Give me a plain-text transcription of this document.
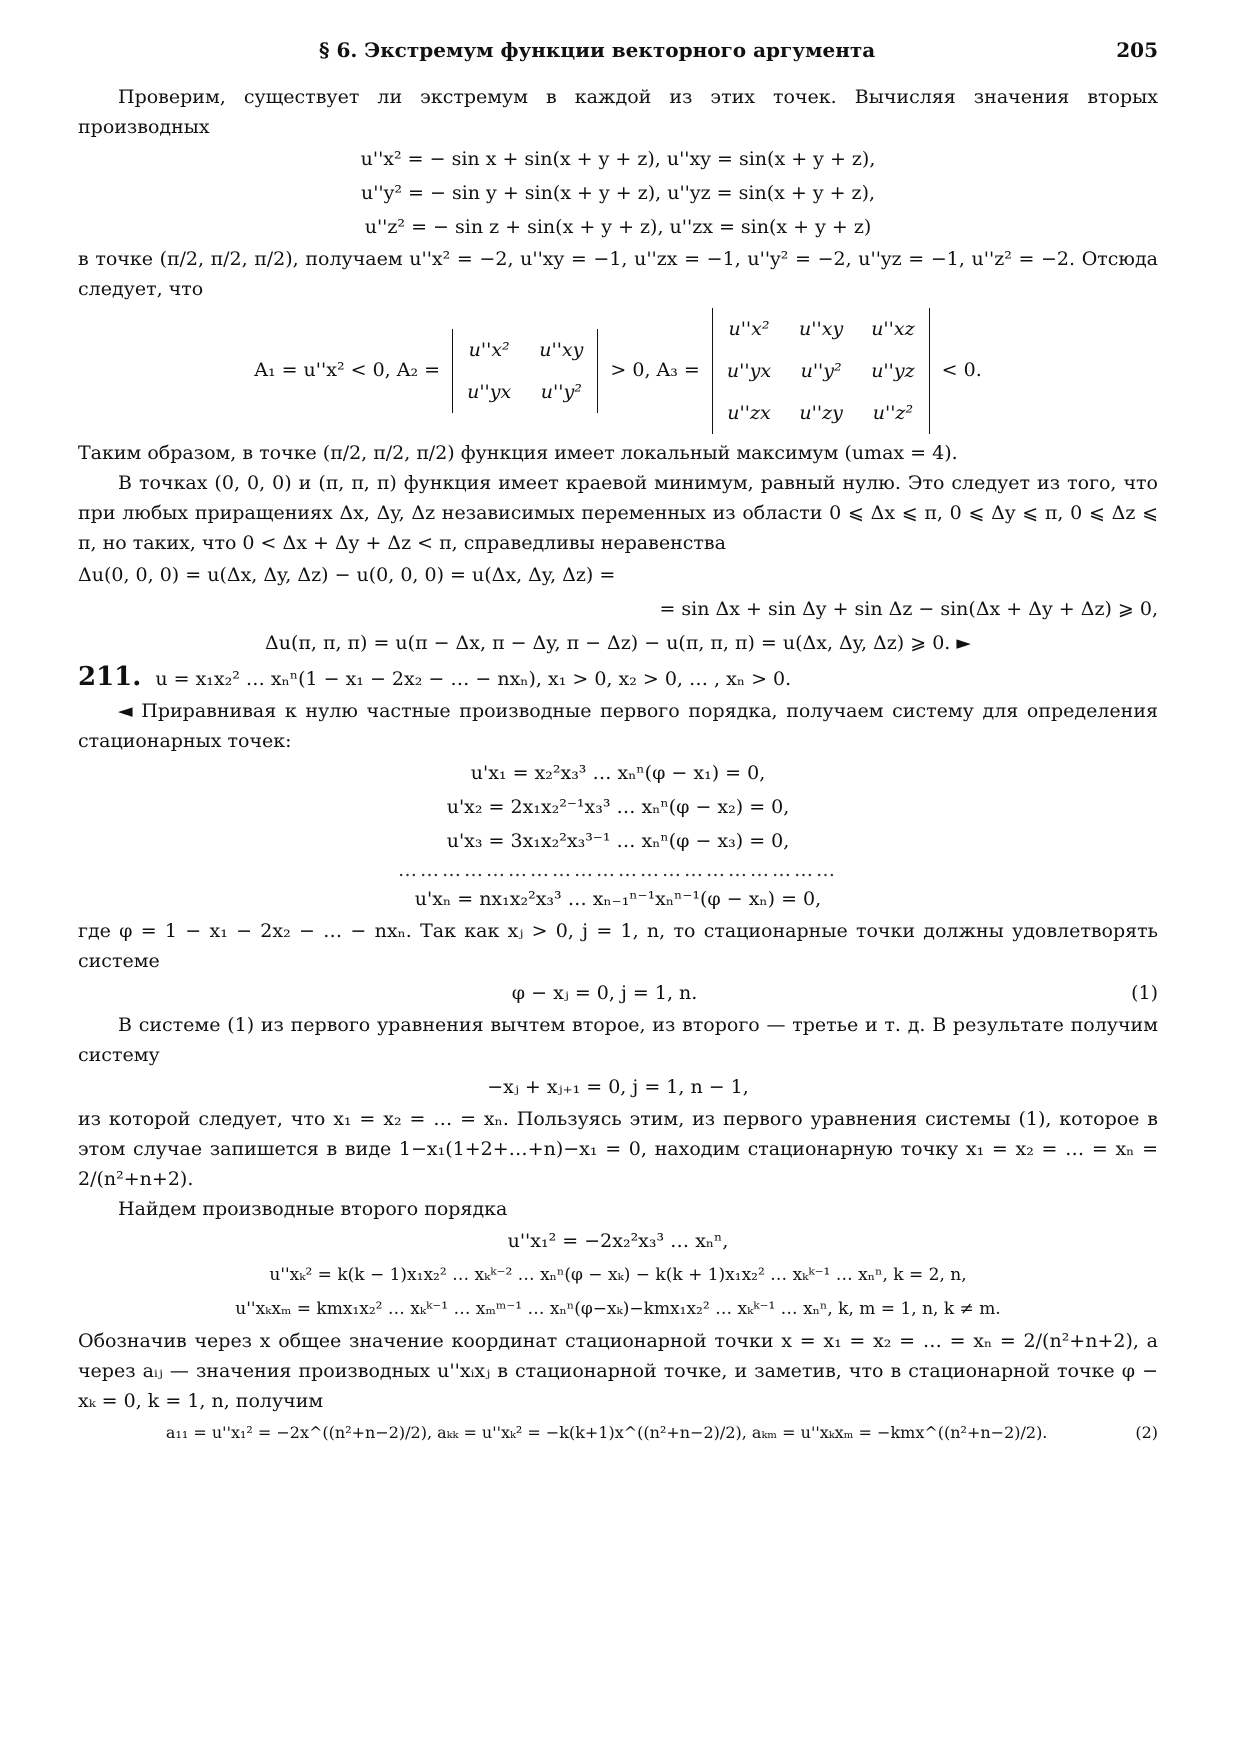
§ 6. Экстремум функции векторного аргумента	205

Проверим, существует ли экстремум в каждой из этих точек. Вычисляя значения вторых производных

u''x² = − sin x + sin(x + y + z), u''xy = sin(x + y + z),
u''y² = − sin y + sin(x + y + z), u''yz = sin(x + y + z),
u''z² = − sin z + sin(x + y + z), u''zx = sin(x + y + z)

в точке (π/2, π/2, π/2), получаем u''x² = −2, u''xy = −1, u''zx = −1, u''y² = −2, u''yz = −1, u''z² = −2. Отсюда следует, что

A₁ = u''x² < 0, A₂ =
u''x²	u''xy
u''yx	u''y²
> 0, A₃ =
u''x²	u''xy	u''xz
u''yx	u''y²	u''yz
u''zx	u''zy	u''z²
< 0.

Таким образом, в точке (π/2, π/2, π/2) функция имеет локальный максимум (umax = 4).

В точках (0, 0, 0) и (π, π, π) функция имеет краевой минимум, равный нулю. Это следует из того, что при любых приращениях Δx, Δy, Δz независимых переменных из области 0 ⩽ Δx ⩽ π, 0 ⩽ Δy ⩽ π, 0 ⩽ Δz ⩽ π, но таких, что 0 < Δx + Δy + Δz < π, справедливы неравенства

Δu(0, 0, 0) = u(Δx, Δy, Δz) − u(0, 0, 0) = u(Δx, Δy, Δz) =
= sin Δx + sin Δy + sin Δz − sin(Δx + Δy + Δz) ⩾ 0,
Δu(π, π, π) = u(π − Δx, π − Δy, π − Δz) − u(π, π, π) = u(Δx, Δy, Δz) ⩾ 0. ►
211. u = x₁x₂² … xₙⁿ(1 − x₁ − 2x₂ − … − nxₙ), x₁ > 0, x₂ > 0, … , xₙ > 0.

◄ Приравнивая к нулю частные производные первого порядка, получаем систему для определения стационарных точек:

u'x₁ = x₂²x₃³ … xₙⁿ(φ − x₁) = 0,
u'x₂ = 2x₁x₂²⁻¹x₃³ … xₙⁿ(φ − x₂) = 0,
u'x₃ = 3x₁x₂²x₃³⁻¹ … xₙⁿ(φ − x₃) = 0,
……………………………………………………
u'xₙ = nx₁x₂²x₃³ … xₙ₋₁ⁿ⁻¹xₙⁿ⁻¹(φ − xₙ) = 0,

где φ = 1 − x₁ − 2x₂ − … − nxₙ. Так как xⱼ > 0, j = 1, n, то стационарные точки должны удовлетворять системе

(1)
φ − xⱼ = 0, j = 1, n.

В системе (1) из первого уравнения вычтем второе, из второго — третье и т. д. В результате получим систему

−xⱼ + xⱼ₊₁ = 0, j = 1, n − 1,

из которой следует, что x₁ = x₂ = … = xₙ. Пользуясь этим, из первого уравнения системы (1), которое в этом случае запишется в виде 1−x₁(1+2+…+n)−x₁ = 0, находим стационарную точку x₁ = x₂ = … = xₙ = 2/(n²+n+2).

Найдем производные второго порядка

u''x₁² = −2x₂²x₃³ … xₙⁿ,
u''xₖ² = k(k − 1)x₁x₂² … xₖᵏ⁻² … xₙⁿ(φ − xₖ) − k(k + 1)x₁x₂² … xₖᵏ⁻¹ … xₙⁿ, k = 2, n,
u''xₖxₘ = kmx₁x₂² … xₖᵏ⁻¹ … xₘᵐ⁻¹ … xₙⁿ(φ−xₖ)−kmx₁x₂² … xₖᵏ⁻¹ … xₙⁿ, k, m = 1, n, k ≠ m.

Обозначив через x общее значение координат стационарной точки x = x₁ = x₂ = … = xₙ = 2/(n²+n+2), а через aᵢⱼ — значения производных u''xᵢxⱼ в стационарной точке, и заметив, что в стационарной точке φ − xₖ = 0, k = 1, n, получим

(2)
a₁₁ = u''x₁² = −2x^((n²+n−2)/2), aₖₖ = u''xₖ² = −k(k+1)x^((n²+n−2)/2), aₖₘ = u''xₖxₘ = −kmx^((n²+n−2)/2).
